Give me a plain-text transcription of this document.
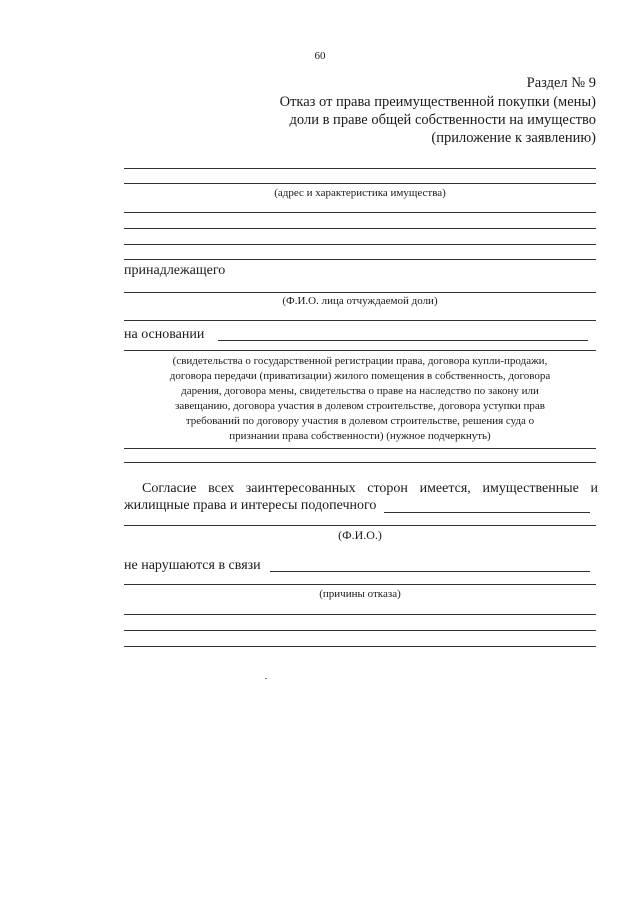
60
Раздел № 9
Отказ от права преимущественной покупки (мены)
доли в праве общей собственности на имущество
(приложение к заявлению)
(адрес и характеристика имущества)
принадлежащего
(Ф.И.О. лица отчуждаемой доли)
на основании
(свидетельства о государственной регистрации права, договора купли-продажи,
договора передачи (приватизации) жилого помещения в собственность, договора
дарения, договора мены, свидетельства о праве на наследство по закону или
завещанию, договора участия в долевом строительстве, договора уступки прав
требований по договору участия в долевом строительстве, решения суда о
признании права собственности) (нужное подчеркнуть)
Согласие всех заинтересованных сторон имеется, имущественные и
жилищные права и интересы подопечного
(Ф.И.О.)
не нарушаются в связи
(причины отказа)
